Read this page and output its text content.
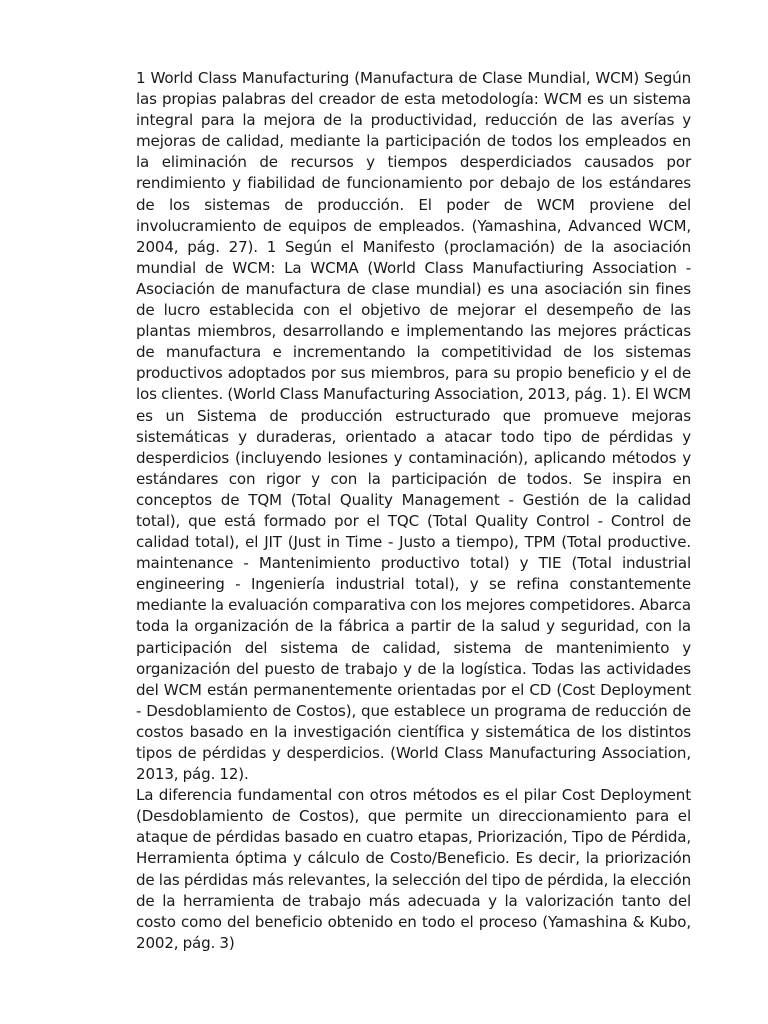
1 World Class Manufacturing (Manufactura de Clase Mundial, WCM) Según las propias palabras del creador de esta metodología: WCM es un sistema integral para la mejora de la productividad, reducción de las averías y mejoras de calidad, mediante la participación de todos los empleados en la eliminación de recursos y tiempos desperdiciados causados por rendimiento y fiabilidad de funcionamiento por debajo de los estándares de los sistemas de producción. El poder de WCM proviene del involucramiento de equipos de empleados. (Yamashina, Advanced WCM, 2004, pág. 27). 1 Según el Manifesto (proclamación) de la asociación mundial de WCM: La WCMA (World Class Manufactiuring Association - Asociación de manufactura de clase mundial) es una asociación sin fines de lucro establecida con el objetivo de mejorar el desempeño de las plantas miembros, desarrollando e implementando las mejores prácticas de manufactura e incrementando la competitividad de los sistemas productivos adoptados por sus miembros, para su propio beneficio y el de los clientes. (World Class Manufacturing Association, 2013, pág. 1). El WCM es un Sistema de producción estructurado que promueve mejoras sistemáticas y duraderas, orientado a atacar todo tipo de pérdidas y desperdicios (incluyendo lesiones y contaminación), aplicando métodos y estándares con rigor y con la participación de todos. Se inspira en conceptos de TQM (Total Quality Management - Gestión de la calidad total), que está formado por el TQC (Total Quality Control - Control de calidad total), el JIT (Just in Time - Justo a tiempo), TPM (Total productive. maintenance - Mantenimiento productivo total) y TIE (Total industrial engineering - Ingeniería industrial total), y se refina constantemente mediante la evaluación comparativa con los mejores competidores. Abarca toda la organización de la fábrica a partir de la salud y seguridad, con la participación del sistema de calidad, sistema de mantenimiento y organización del puesto de trabajo y de la logística. Todas las actividades del WCM están permanentemente orientadas por el CD (Cost Deployment - Desdoblamiento de Costos), que establece un programa de reducción de costos basado en la investigación científica y sistemática de los distintos tipos de pérdidas y desperdicios. (World Class Manufacturing Association, 2013, pág. 12).

La diferencia fundamental con otros métodos es el pilar Cost Deployment (Desdoblamiento de Costos), que permite un direccionamiento para el ataque de pérdidas basado en cuatro etapas, Priorización, Tipo de Pérdida, Herramienta óptima y cálculo de Costo/Beneficio. Es decir, la priorización de las pérdidas más relevantes, la selección del tipo de pérdida, la elección de la herramienta de trabajo más adecuada y la valorización tanto del costo como del beneficio obtenido en todo el proceso (Yamashina & Kubo, 2002, pág. 3)
